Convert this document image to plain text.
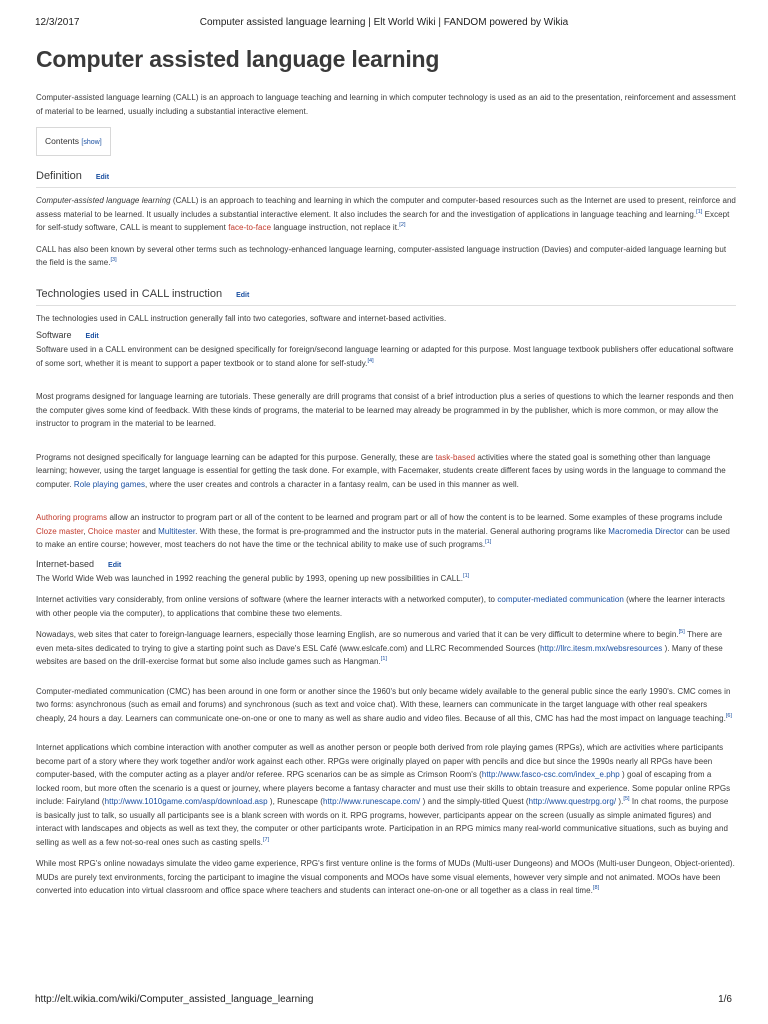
12/3/2017	Computer assisted language learning | Elt World Wiki | FANDOM powered by Wikia
Computer assisted language learning

Computer-assisted language learning (CALL) is an approach to language teaching and learning in which computer technology is used as an aid to the presentation, reinforcement and assessment of material to be learned, usually including a substantial interactive element.

Contents [show]
Definition Edit

Computer-assisted language learning (CALL) is an approach to teaching and learning in which the computer and computer-based resources such as the Internet are used to present, reinforce and assess material to be learned. It usually includes a substantial interactive element. It also includes the search for and the investigation of applications in language teaching and learning.[1] Except for self-study software, CALL is meant to supplement face-to-face language instruction, not replace it.[2]

CALL has also been known by several other terms such as technology-enhanced language learning, computer-assisted language instruction (Davies) and computer-aided language learning but the field is the same.[3]

Technologies used in CALL instruction Edit

The technologies used in CALL instruction generally fall into two categories, software and internet-based activities.

Software Edit

Software used in a CALL environment can be designed specifically for foreign/second language learning or adapted for this purpose. Most language textbook publishers offer educational software of some sort, whether it is meant to support a paper textbook or to stand alone for self-study.[4]

Most programs designed for language learning are tutorials. These generally are drill programs that consist of a brief introduction plus a series of questions to which the learner responds and then the computer gives some kind of feedback. With these kinds of programs, the material to be learned may already be programmed in by the publisher, which is more common, or may allow the instructor to program in the material to be learned.

Programs not designed specifically for language learning can be adapted for this purpose. Generally, these are task-based activities where the stated goal is something other than language learning; however, using the target language is essential for getting the task done. For example, with Facemaker, students create different faces by using words in the language to command the computer. Role playing games, where the user creates and controls a character in a fantasy realm, can be used in this manner as well.

Authoring programs allow an instructor to program part or all of the content to be learned and program part or all of how the content is to be learned. Some examples of these programs include Cloze master, Choice master and Multitester. With these, the format is pre-programmed and the instructor puts in the material. General authoring programs like Macromedia Director can be used to make an entire course; however, most teachers do not have the time or the technical ability to make use of such programs.[1]

Internet-based Edit

The World Wide Web was launched in 1992 reaching the general public by 1993, opening up new possibilities in CALL.[1]

Internet activities vary considerably, from online versions of software (where the learner interacts with a networked computer), to computer-mediated communication (where the learner interacts with other people via the computer), to applications that combine these two elements.

Nowadays, web sites that cater to foreign-language learners, especially those learning English, are so numerous and varied that it can be very difficult to determine where to begin.[5] There are even meta-sites dedicated to trying to give a starting point such as Dave's ESL Café (www.eslcafe.com) and LLRC Recommended Sources (http://llrc.itesm.mx/websresources ). Many of these websites are based on the drill-exercise format but some also include games such as Hangman.[1]

Computer-mediated communication (CMC) has been around in one form or another since the 1960's but only became widely available to the general public since the early 1990's. CMC comes in two forms: asynchronous (such as email and forums) and synchronous (such as text and voice chat). With these, learners can communicate in the target language with other real speakers cheaply, 24 hours a day. Learners can communicate one-on-one or one to many as well as share audio and video files. Because of all this, CMC has had the most impact on language teaching.[6]

Internet applications which combine interaction with another computer as well as another person or people both derived from role playing games (RPGs), which are activities where participants become part of a story where they work together and/or work against each other. RPGs were originally played on paper with pencils and dice but since the 1990s nearly all RPGs have been computer-based, with the computer acting as a player and/or referee. RPG scenarios can be as simple as Crimson Room's (http://www.fasco-csc.com/index_e.php ) goal of escaping from a locked room, but more often the scenario is a quest or journey, where players become a fantasy character and must use their skills to obtain treasure and experience. Some popular online RPGs include: Fairyland (http://www.1010game.com/asp/download.asp ), Runescape (http://www.runescape.com/ ) and the simply-titled Quest (http://www.questrpg.org/ ).[5] In chat rooms, the purpose is basically just to talk, so usually all participants see is a blank screen with words on it. RPG programs, however, participants appear on the screen (usually as simple animated figures) and interact with landscapes and objects as well as text they, the computer or other participants wrote. Participation in an RPG mimics many real-world communicative situations, such as buying and selling as well as a few not-so-real ones such as casting spells.[7]

While most RPG's online nowadays simulate the video game experience, RPG's first venture online is the forms of MUDs (Multi-user Dungeons) and MOOs (Multi-user Dungeon, Object-oriented). MUDs are purely text environments, forcing the participant to imagine the visual components and MOOs have some visual elements, however very simple and not animated. MOOs have been converted into education into virtual classroom and office space where teachers and students can interact one-on-one or all together as a class in real time.[8]

http://elt.wikia.com/wiki/Computer_assisted_language_learning	1/6
